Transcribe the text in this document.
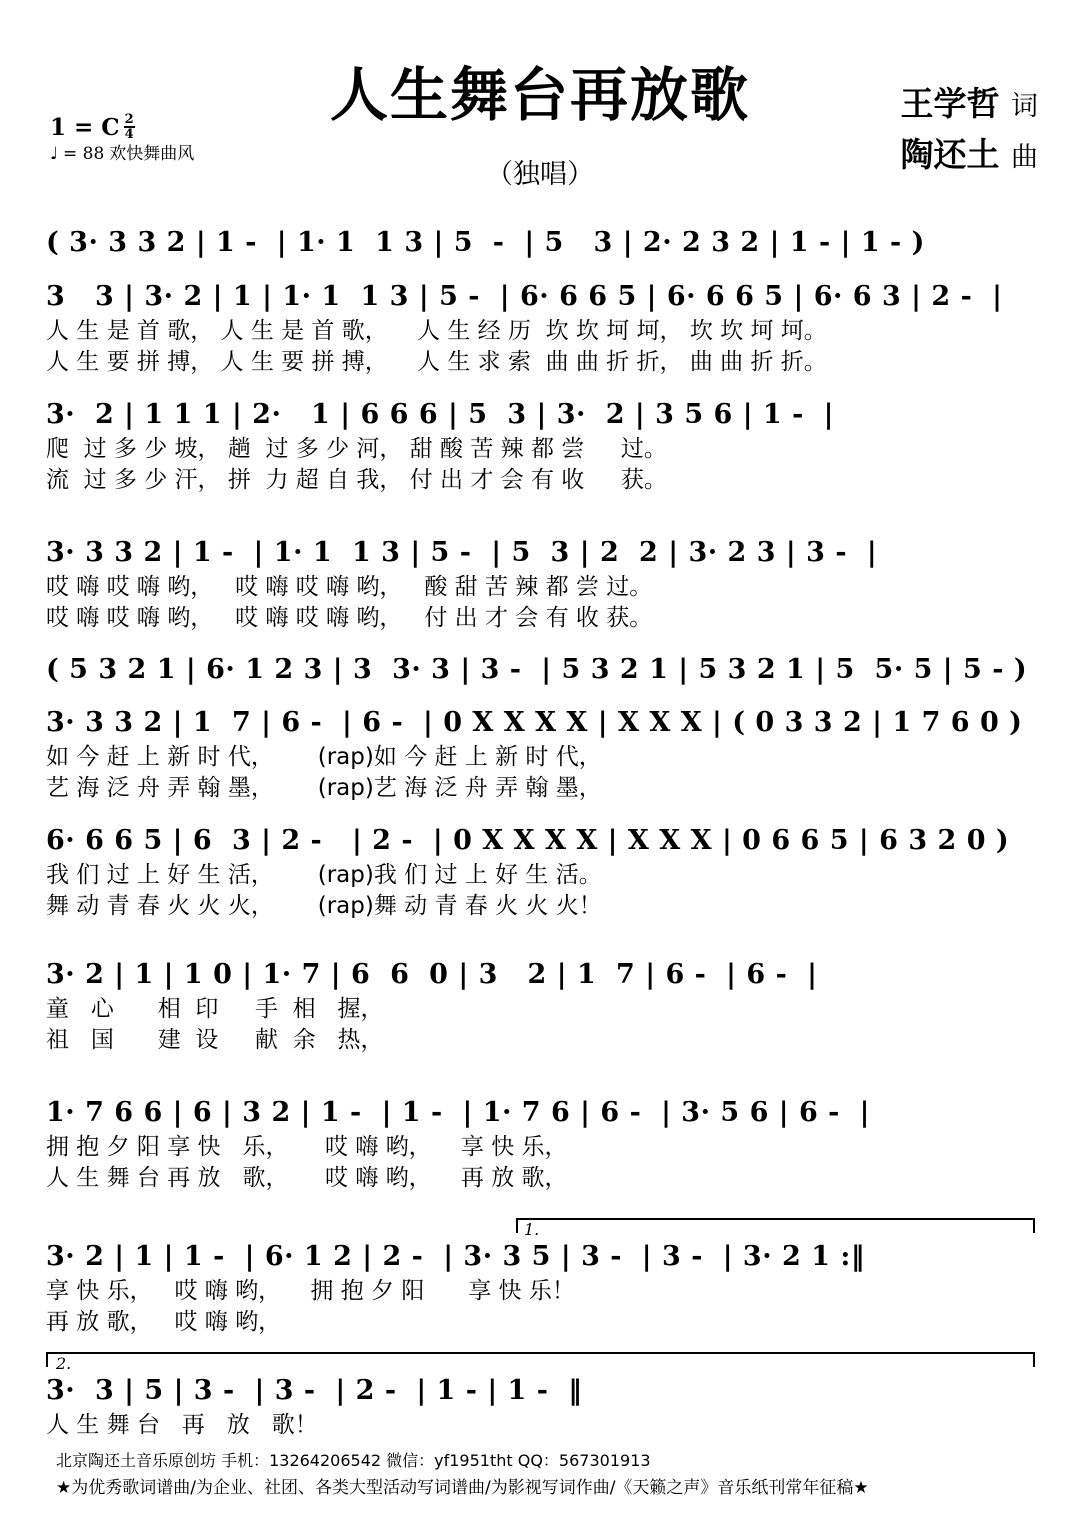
1 = C $\frac{2}{4}$
♩ = 88 欢快舞曲风
人生舞台再放歌
（独唱）
王学哲 词
陶还土 曲
( 3· 3 3 2 | 1 -  | 1· 1  1 3 | 5  -  | 5   3 | 2· 2 3 2 | 1 - | 1 - )
3   3 | 3· 2 | 1 | 1· 1  1 3 | 5 -  | 6· 6 6 5 | 6· 6 6 5 | 6· 6 3 | 2 -  |
人 生 是 首 歌， 人 生 是 首 歌，    人 生 经 历  坎 坎 坷 坷， 坎 坎 坷 坷。
人 生 要 拼 搏， 人 生 要 拼 搏，    人 生 求 索  曲 曲 折 折， 曲 曲 折 折。
3·  2 | 1 1 1 | 2·   1 | 6 6 6 | 5  3 | 3·  2 | 3 5 6 | 1 -  |
爬  过 多 少 坡， 趟  过 多 少 河， 甜 酸 苦 辣 都 尝     过。
流  过 多 少 汗， 拼  力 超 自 我， 付 出 才 会 有 收     获。
3· 3 3 2 | 1 -  | 1· 1  1 3 | 5 -  | 5  3 | 2  2 | 3· 2 3 | 3 -  |
哎 嗨 哎 嗨 哟，   哎 嗨 哎 嗨 哟，   酸 甜 苦 辣 都 尝 过。
哎 嗨 哎 嗨 哟，   哎 嗨 哎 嗨 哟，   付 出 才 会 有 收 获。
( 5 3 2 1 | 6· 1 2 3 | 3  3· 3 | 3 -  | 5 3 2 1 | 5 3 2 1 | 5  5· 5 | 5 - )
3· 3 3 2 | 1  7 | 6 -  | 6 -  | 0 X X X X | X X X | ( 0 3 3 2 | 1 7 6 0 )
如 今 赶 上 新 时 代，      (rap)如 今 赶 上 新 时 代，
艺 海 泛 舟 弄 翰 墨，      (rap)艺 海 泛 舟 弄 翰 墨，
6· 6 6 5 | 6  3 | 2 -   | 2 -  | 0 X X X X | X X X | 0 6 6 5 | 6 3 2 0 )
我 们 过 上 好 生 活，      (rap)我 们 过 上 好 生 活。
舞 动 青 春 火 火 火，      (rap)舞 动 青 春 火 火 火！
3· 2 | 1 | 1 0 | 1· 7 | 6  6  0 | 3   2 | 1  7 | 6 -  | 6 -  |
童   心      相  印     手  相   握，
祖   国      建  设     献  余   热，
1· 7 6 6 | 6 | 3 2 | 1 -  | 1 -  | 1· 7 6 | 6 -  | 3· 5 6 | 6 -  |
拥 抱 夕 阳 享 快   乐，     哎 嗨 哟，    享 快 乐，
人 生 舞 台 再 放   歌，     哎 嗨 哟，    再 放 歌，
1.
3· 2 | 1 | 1 -  | 6· 1 2 | 2 -  | 3· 3 5 | 3 -  | 3 -  | 3· 2 1 :‖
享 快 乐，   哎 嗨 哟，    拥 抱 夕 阳      享 快 乐！
再 放 歌，   哎 嗨 哟，
2.
3·  3 | 5 | 3 -  | 3 -  | 2 -  | 1 - | 1 -  ‖
人 生 舞 台   再   放   歌！
北京陶还土音乐原创坊 手机：13264206542 微信：yf1951tht QQ：567301913
★为优秀歌词谱曲/为企业、社团、各类大型活动写词谱曲/为影视写词作曲/《天籁之声》音乐纸刊常年征稿★
